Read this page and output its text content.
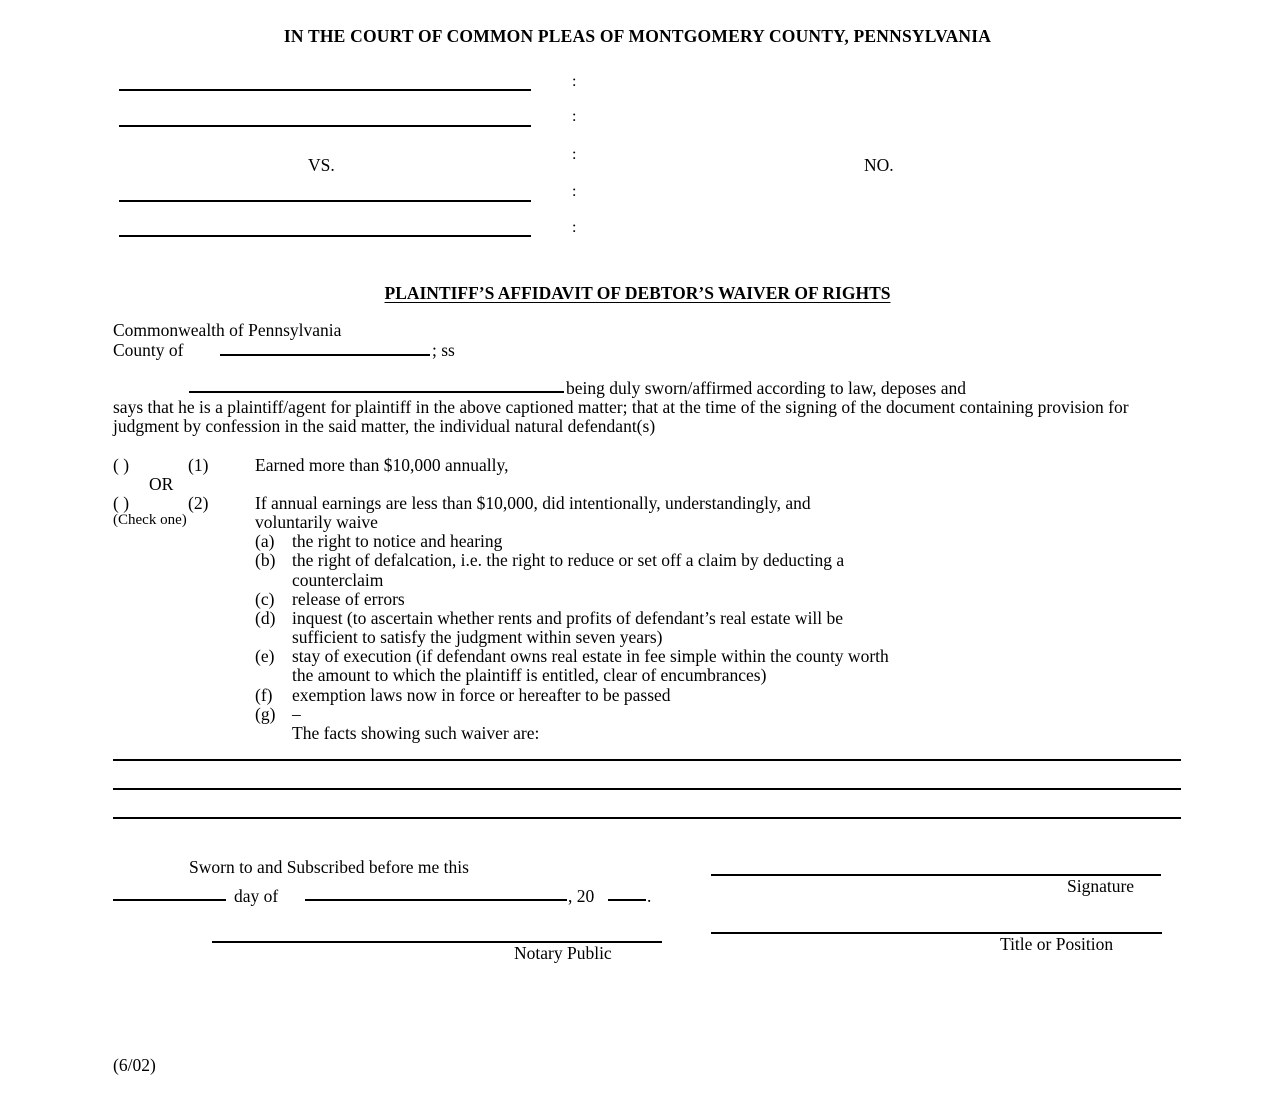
IN THE COURT OF COMMON PLEAS OF MONTGOMERY COUNTY, PENNSYLVANIA
VS.
:
:
:
:
:
NO.
PLAINTIFF’S AFFIDAVIT OF DEBTOR’S WAIVER OF RIGHTS
Commonwealth of Pennsylvania
County of	; ss
being duly sworn/affirmed according to law, deposes and
says that he is a plaintiff/agent for plaintiff in the above captioned matter; that at the time of the signing of the document containing provision for judgment by confession in the said matter, the individual natural defendant(s)
( )	(1)	Earned more than $10,000 annually,
OR
( )	(2)	If annual earnings are less than $10,000, did intentionally, understandingly, and
(Check one)	voluntarily waive
(a) the right to notice and hearing
(b) the right of defalcation, i.e. the right to reduce or set off a claim by deducting a
counterclaim
(c) release of errors
(d) inquest (to ascertain whether rents and profits of defendant’s real estate will be
sufficient to satisfy the judgment within seven years)
(e) stay of execution (if defendant owns real estate in fee simple within the county worth
the amount to which the plaintiff is entitled, clear of encumbrances)
(f) exemption laws now in force or hereafter to be passed
(g) –
The facts showing such waiver are:
Sworn to and Subscribed before me this
day of	, 20	.
Notary Public
Signature
Title or Position
(6/02)
